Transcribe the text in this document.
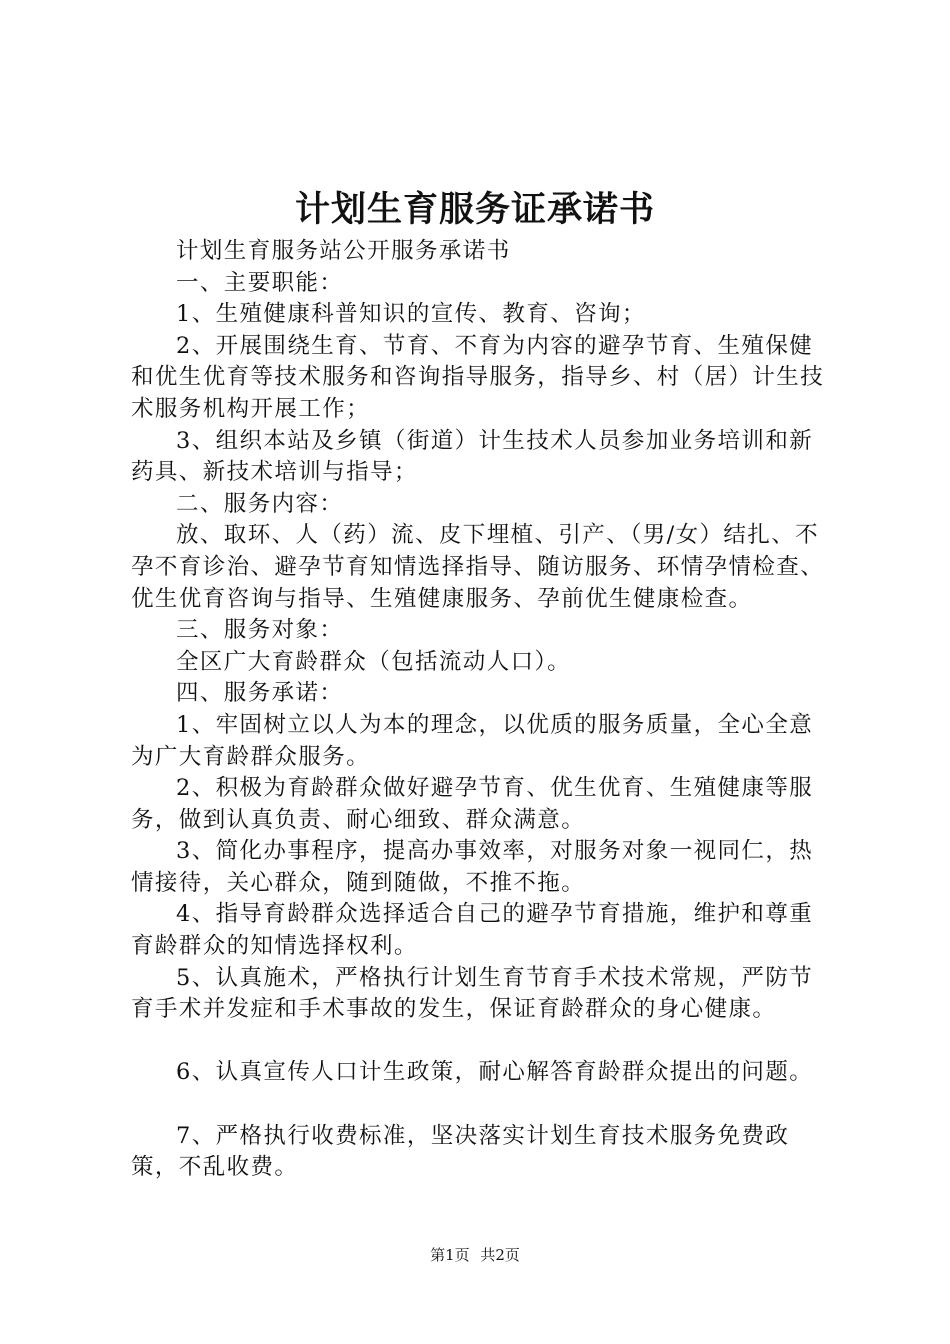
计划生育服务证承诺书

计划生育服务站公开服务承诺书

一、主要职能：

1、生殖健康科普知识的宣传、教育、咨询；

2、开展围绕生育、节育、不育为内容的避孕节育、生殖保健和优生优育等技术服务和咨询指导服务，指导乡、村（居）计生技术服务机构开展工作；

3、组织本站及乡镇（街道）计生技术人员参加业务培训和新药具、新技术培训与指导；

二、服务内容：

放、取环、人（药）流、皮下埋植、引产、（男/女）结扎、不孕不育诊治、避孕节育知情选择指导、随访服务、环情孕情检查、优生优育咨询与指导、生殖健康服务、孕前优生健康检查。

三、服务对象：

全区广大育龄群众（包括流动人口）。

四、服务承诺：

1、牢固树立以人为本的理念，以优质的服务质量，全心全意为广大育龄群众服务。

2、积极为育龄群众做好避孕节育、优生优育、生殖健康等服务，做到认真负责、耐心细致、群众满意。

3、简化办事程序，提高办事效率，对服务对象一视同仁，热情接待，关心群众，随到随做，不推不拖。

4、指导育龄群众选择适合自己的避孕节育措施，维护和尊重育龄群众的知情选择权利。

5、认真施术，严格执行计划生育节育手术技术常规，严防节育手术并发症和手术事故的发生，保证育龄群众的身心健康。

6、认真宣传人口计生政策，耐心解答育龄群众提出的问题。

7、严格执行收费标准，坚决落实计划生育技术服务免费政策，不乱收费。

第1页 共2页
